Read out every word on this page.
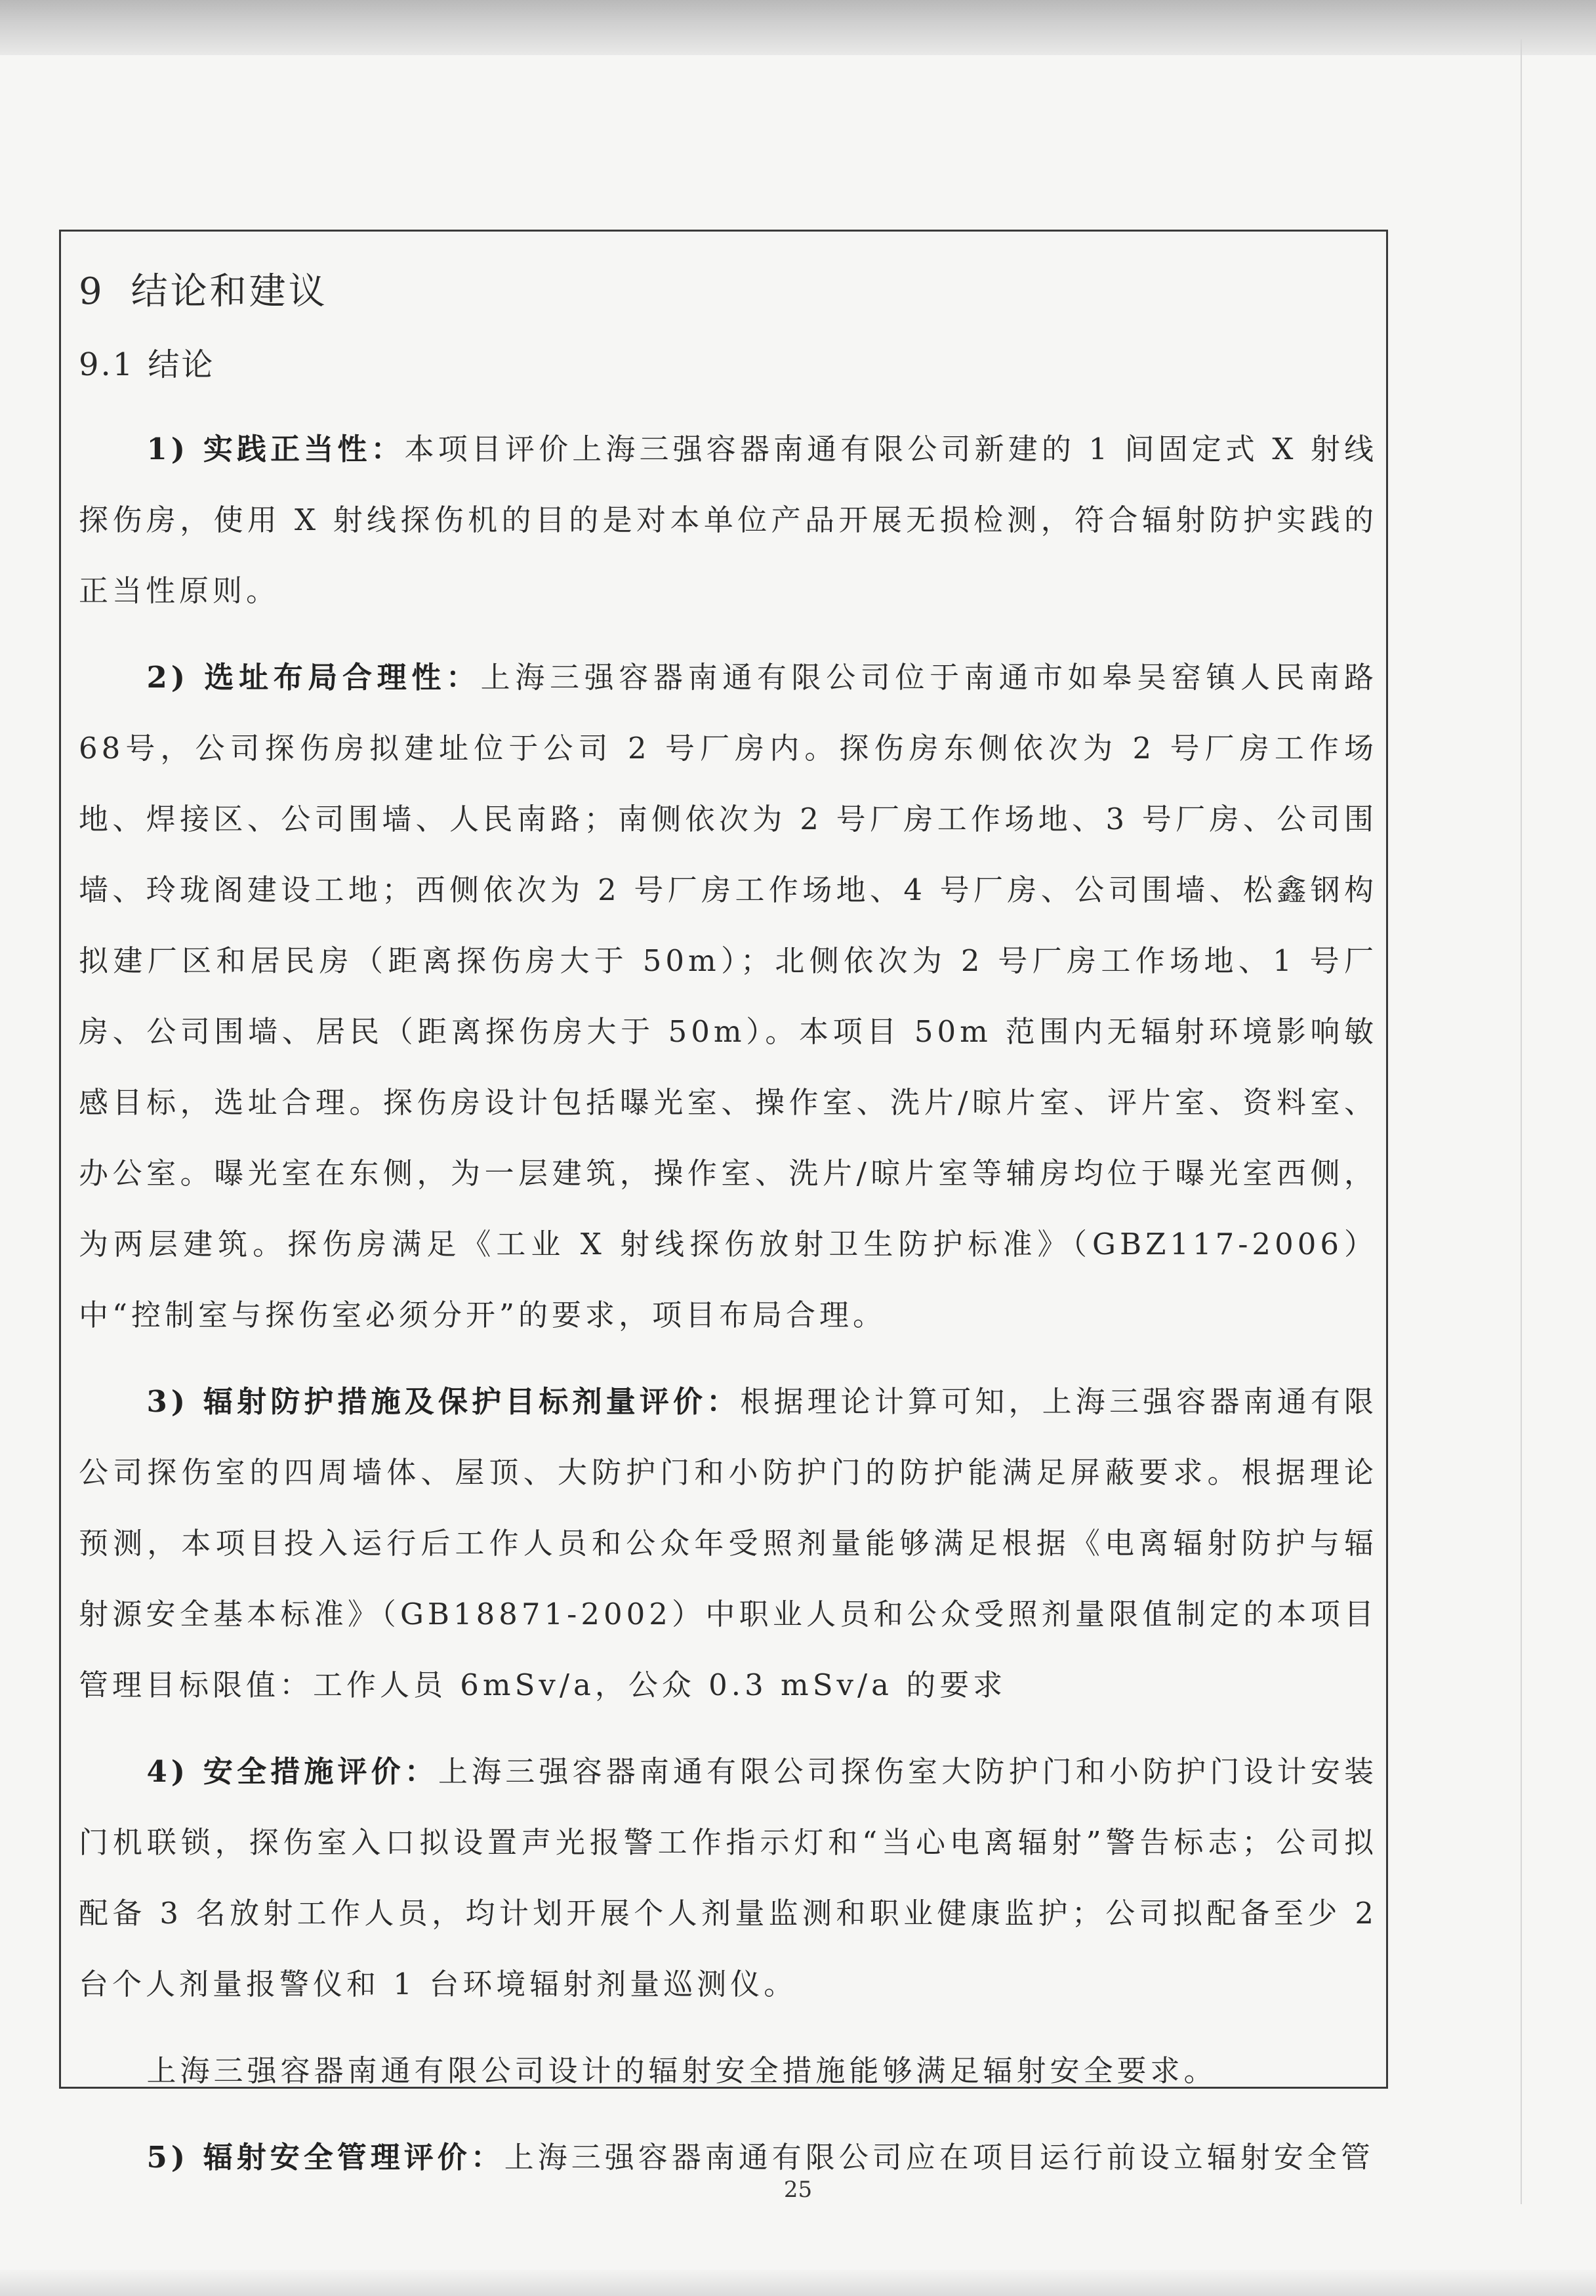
9 结论和建议
9.1 结论

1) 实践正当性：本项目评价上海三强容器南通有限公司新建的 1 间固定式 X 射线探伤房，使用 X 射线探伤机的目的是对本单位产品开展无损检测，符合辐射防护实践的正当性原则。

2) 选址布局合理性：上海三强容器南通有限公司位于南通市如皋吴窑镇人民南路68号，公司探伤房拟建址位于公司 2 号厂房内。探伤房东侧依次为 2 号厂房工作场地、焊接区、公司围墙、人民南路；南侧依次为 2 号厂房工作场地、3 号厂房、公司围墙、玲珑阁建设工地；西侧依次为 2 号厂房工作场地、4 号厂房、公司围墙、松鑫钢构拟建厂区和居民房（距离探伤房大于 50m）；北侧依次为 2 号厂房工作场地、1 号厂房、公司围墙、居民（距离探伤房大于 50m）。本项目 50m 范围内无辐射环境影响敏感目标，选址合理。探伤房设计包括曝光室、操作室、洗片/晾片室、评片室、资料室、办公室。曝光室在东侧，为一层建筑，操作室、洗片/晾片室等辅房均位于曝光室西侧，为两层建筑。探伤房满足《工业 X 射线探伤放射卫生防护标准》（GBZ117-2006）中“控制室与探伤室必须分开”的要求，项目布局合理。

3) 辐射防护措施及保护目标剂量评价：根据理论计算可知，上海三强容器南通有限公司探伤室的四周墙体、屋顶、大防护门和小防护门的防护能满足屏蔽要求。根据理论预测，本项目投入运行后工作人员和公众年受照剂量能够满足根据《电离辐射防护与辐射源安全基本标准》（GB18871-2002）中职业人员和公众受照剂量限值制定的本项目管理目标限值：工作人员 6mSv/a，公众 0.3 mSv/a 的要求

4) 安全措施评价：上海三强容器南通有限公司探伤室大防护门和小防护门设计安装门机联锁，探伤室入口拟设置声光报警工作指示灯和“当心电离辐射”警告标志；公司拟配备 3 名放射工作人员，均计划开展个人剂量监测和职业健康监护；公司拟配备至少 2 台个人剂量报警仪和 1 台环境辐射剂量巡测仪。

上海三强容器南通有限公司设计的辐射安全措施能够满足辐射安全要求。

5) 辐射安全管理评价：上海三强容器南通有限公司应在项目运行前设立辐射安全管

25
